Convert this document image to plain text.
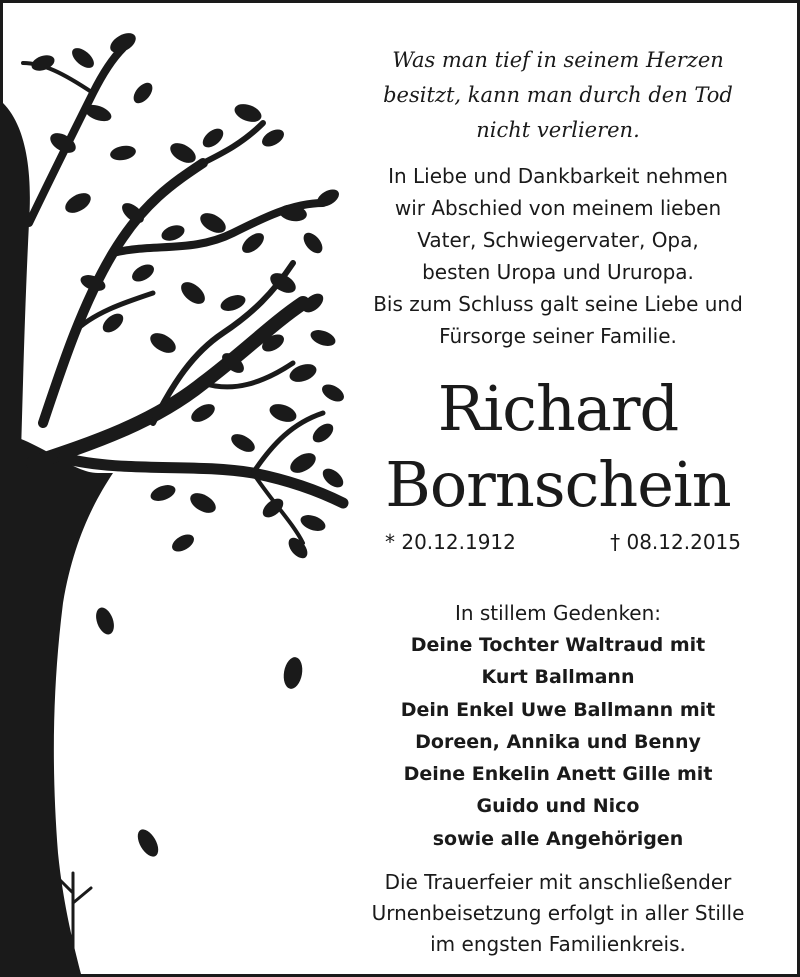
Was man tief in seinem Herzen
besitzt, kann man durch den Tod
nicht verlieren.
In Liebe und Dankbarkeit nehmen
wir Abschied von meinem lieben
Vater, Schwiegervater, Opa,
besten Uropa und Ururopa.
Bis zum Schluss galt seine Liebe und
Fürsorge seiner Familie.
Richard
Bornschein
* 20.12.1912	† 08.12.2015
In stillem Gedenken:
Deine Tochter Waltraud mit
Kurt Ballmann
Dein Enkel Uwe Ballmann mit
Doreen, Annika und Benny
Deine Enkelin Anett Gille mit
Guido und Nico
sowie alle Angehörigen
Die Trauerfeier mit anschließender
Urnenbeisetzung erfolgt in aller Stille
im engsten Familienkreis.
